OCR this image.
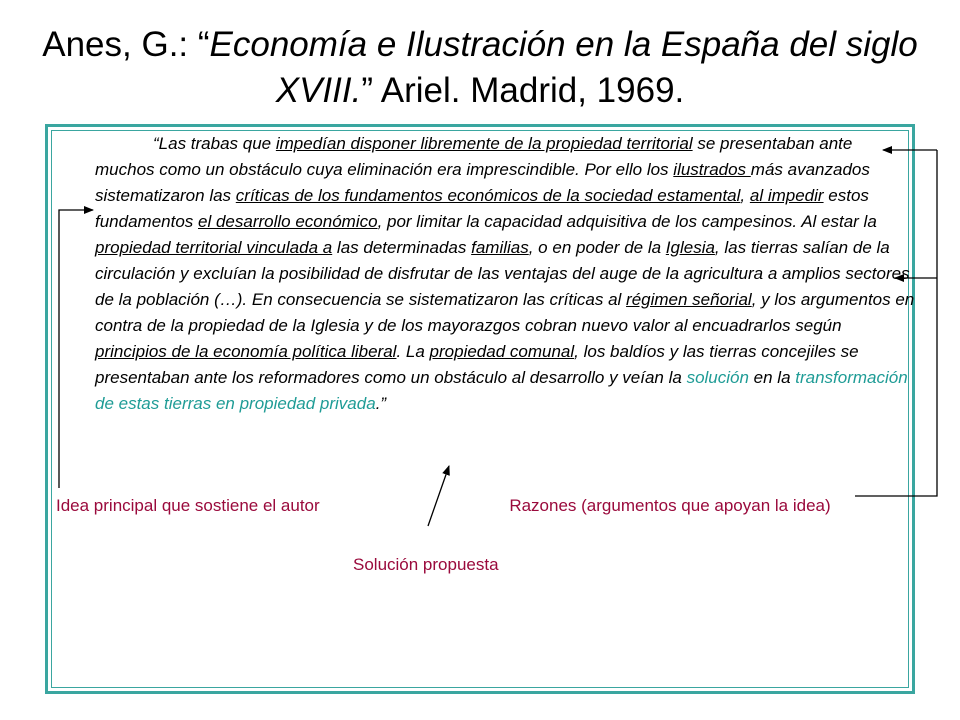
Anes, G.: “Economía e Ilustración en la España del siglo XVIII.” Ariel. Madrid, 1969.
“Las trabas que impedían disponer libremente de la propiedad territorial se presentaban ante muchos como un obstáculo cuya eliminación era imprescindible. Por ello los ilustrados más avanzados sistematizaron las críticas de los fundamentos económicos de la sociedad estamental, al impedir estos fundamentos el desarrollo económico, por limitar la capacidad adquisitiva de los campesinos. Al estar la propiedad territorial vinculada a las determinadas familias, o en poder de la Iglesia, las tierras salían de la circulación y excluían la posibilidad de disfrutar de las ventajas del auge de la agricultura a amplios sectores de la población (…). En consecuencia se sistematizaron las críticas al régimen señorial, y los argumentos en contra de la propiedad de la Iglesia y de los mayorazgos cobran nuevo valor al encuadrarlos según principios de la economía política liberal. La propiedad comunal, los baldíos y las tierras concejiles se presentaban ante los reformadores como un obstáculo al desarrollo y veían la solución en la transformación de estas tierras en propiedad privada.”
Idea principal que sostiene el autor	Razones (argumentos que apoyan la idea)
Solución propuesta
